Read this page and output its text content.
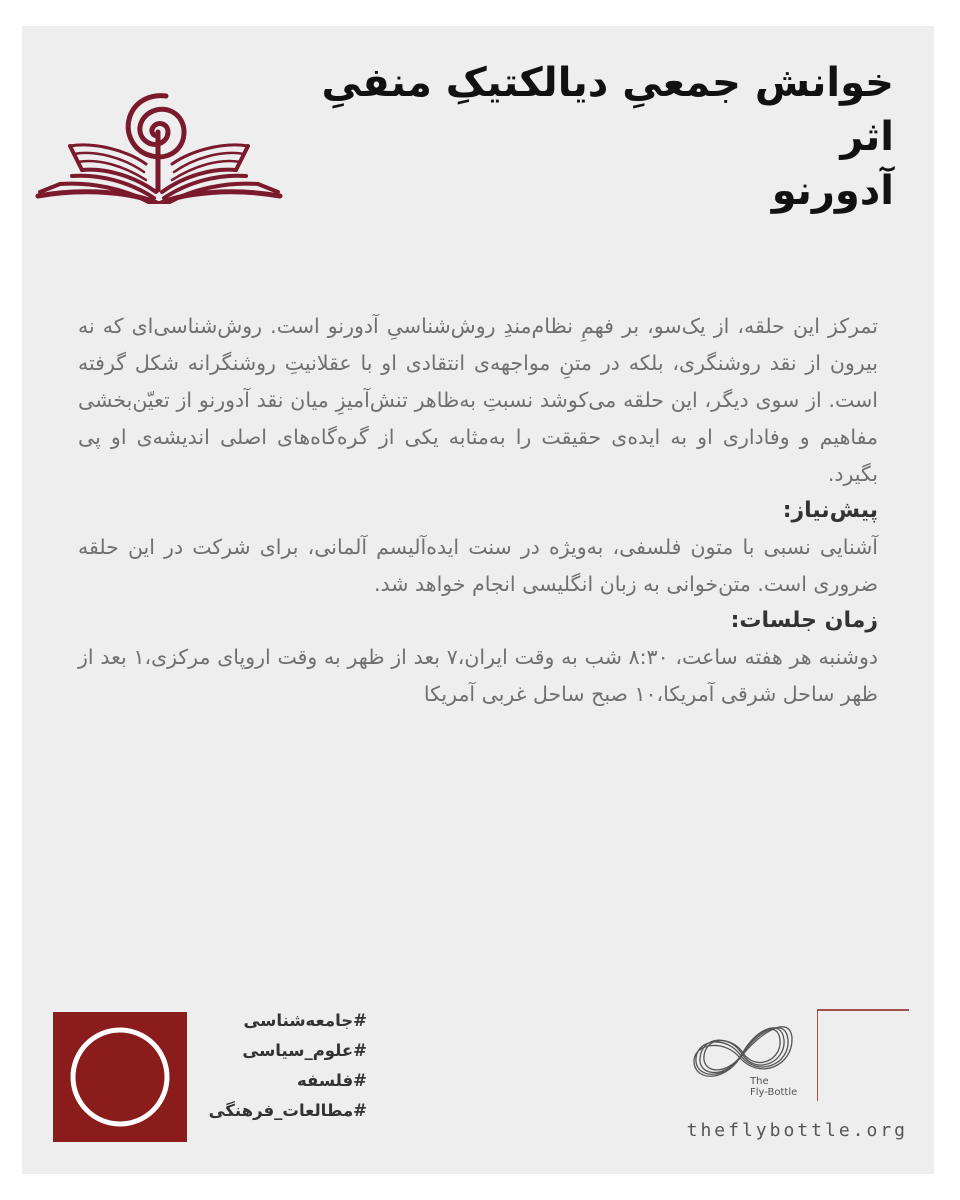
خوانش جمعیِ دیالکتیکِ منفیِ اثر
آدورنو

تمرکز این حلقه، از یک‌سو، بر فهمِ نظام‌مندِ روش‌شناسیِ آدورنو است. روش‌شناسی‌ای که نه بیرون از نقد روشنگری، بلکه در متنِ مواجهه‌ی انتقادی او با عقلانیتِ روشنگرانه شکل گرفته است. از سوی دیگر، این حلقه می‌کوشد نسبتِ به‌ظاهر تنش‌آمیزِ میان نقد آدورنو از تعیّن‌بخشی مفاهیم و وفاداری او به ایده‌ی حقیقت را به‌مثابه یکی از گره‌گاه‌های اصلی اندیشه‌ی او پی بگیرد.

پیش‌نیاز:

آشنایی نسبی با متون فلسفی، به‌ویژه در سنت ایده‌آلیسم آلمانی، برای شرکت در این حلقه ضروری است. متن‌خوانی به زبان انگلیسی انجام خواهد شد.

زمان جلسات:

دوشنبه هر هفته ساعت، ۸:۳۰ شب به وقت ایران،۷ بعد از ظهر به وقت اروپای مرکزی،۱ بعد از ظهر ساحل شرقی آمریکا،۱۰ صبح ساحل غربی آمریکا

#جامعه‌شناسی
#علوم_سیاسی
#فلسفه
#مطالعات_فرهنگی
The
Fly-Bottle
theflybottle.org
